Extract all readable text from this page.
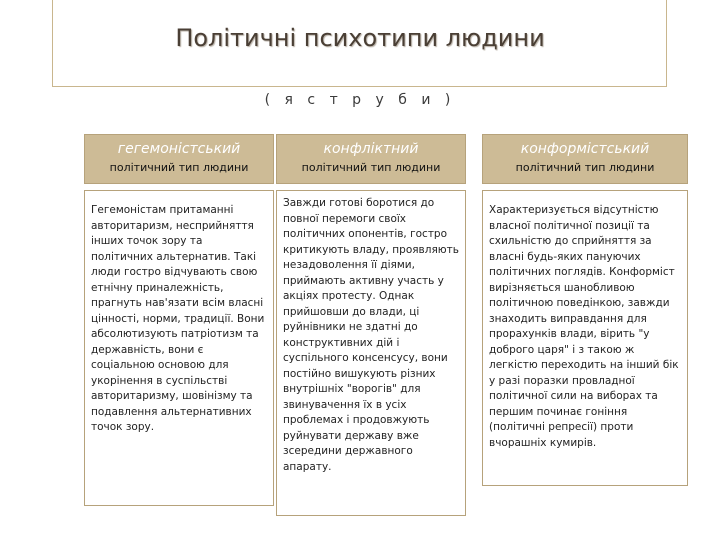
Політичні психотипи людини
( я с т р у б и )
гегемоністський
політичний тип людини
Гегемоністам притаманні авторитаризм, несприйняття інших точок зору та політичних альтернатив. Такі люди гостро відчувають свою етнічну приналежність, прагнуть нав'язати всім власні цінності, норми, традиції. Вони абсолютизують патріотизм та державність, вони є соціальною основою для укорінення в суспільстві авторитаризму, шовінізму та подавлення альтернативних точок зору.
конфліктний
політичний тип людини
Завжди готові боротися до повної перемоги своїх політичних опонентів, гостро критикують владу, проявляють незадоволення її діями, приймають активну участь у акціях протесту. Однак прийшовши до влади, ці руйнівники не здатні до конструктивних дій і суспільного консенсусу, вони постійно вишукують різних внутрішніх "ворогів" для звинувачення їх в усіх проблемах і продовжують руйнувати державу вже зсередини державного апарату.
конформістський
політичний тип людини
Характеризується відсутністю власної політичної позиції та схильністю до сприйняття за власні будь-яких пануючих політичних поглядів. Конформіст вирізняється шанобливою політичною поведінкою, завжди знаходить виправдання для прорахунків влади, вірить "у доброго царя" і з такою ж легкістю переходить на інший бік у разі поразки провладної політичної сили на виборах та першим починає гоніння (політичні репресії) проти вчорашніх кумирів.
